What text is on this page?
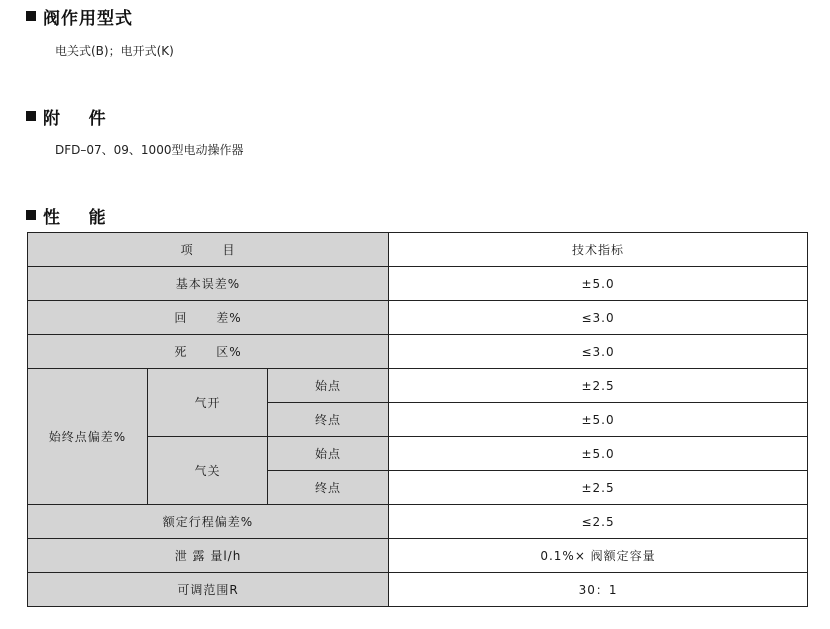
阀作用型式
电关式(B)；电开式(K)
附    件
DFD–07、09、1000型电动操作器
性    能
项      目			技术指标
基本误差%			±5.0
回      差%			≤3.0
死      区%			≤3.0
始终点偏差%	气开	始点	±2.5
		终点	±5.0
	气关	始点	±5.0
		终点	±2.5
额定行程偏差%			≤2.5
泄 露 量l/h			0.1%× 阀额定容量
可调范围R			30：1
